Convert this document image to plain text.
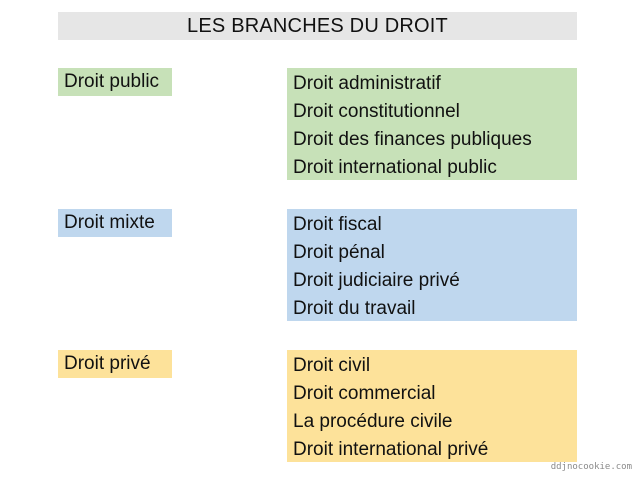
LES BRANCHES DU DROIT
Droit public	Droit administratif
Droit constitutionnel
Droit des finances publiques
Droit international public
Droit mixte	Droit fiscal
Droit pénal
Droit judiciaire privé
Droit du travail
Droit privé	Droit civil
Droit commercial
La procédure civile
Droit international privé
ddjnocookie.com
